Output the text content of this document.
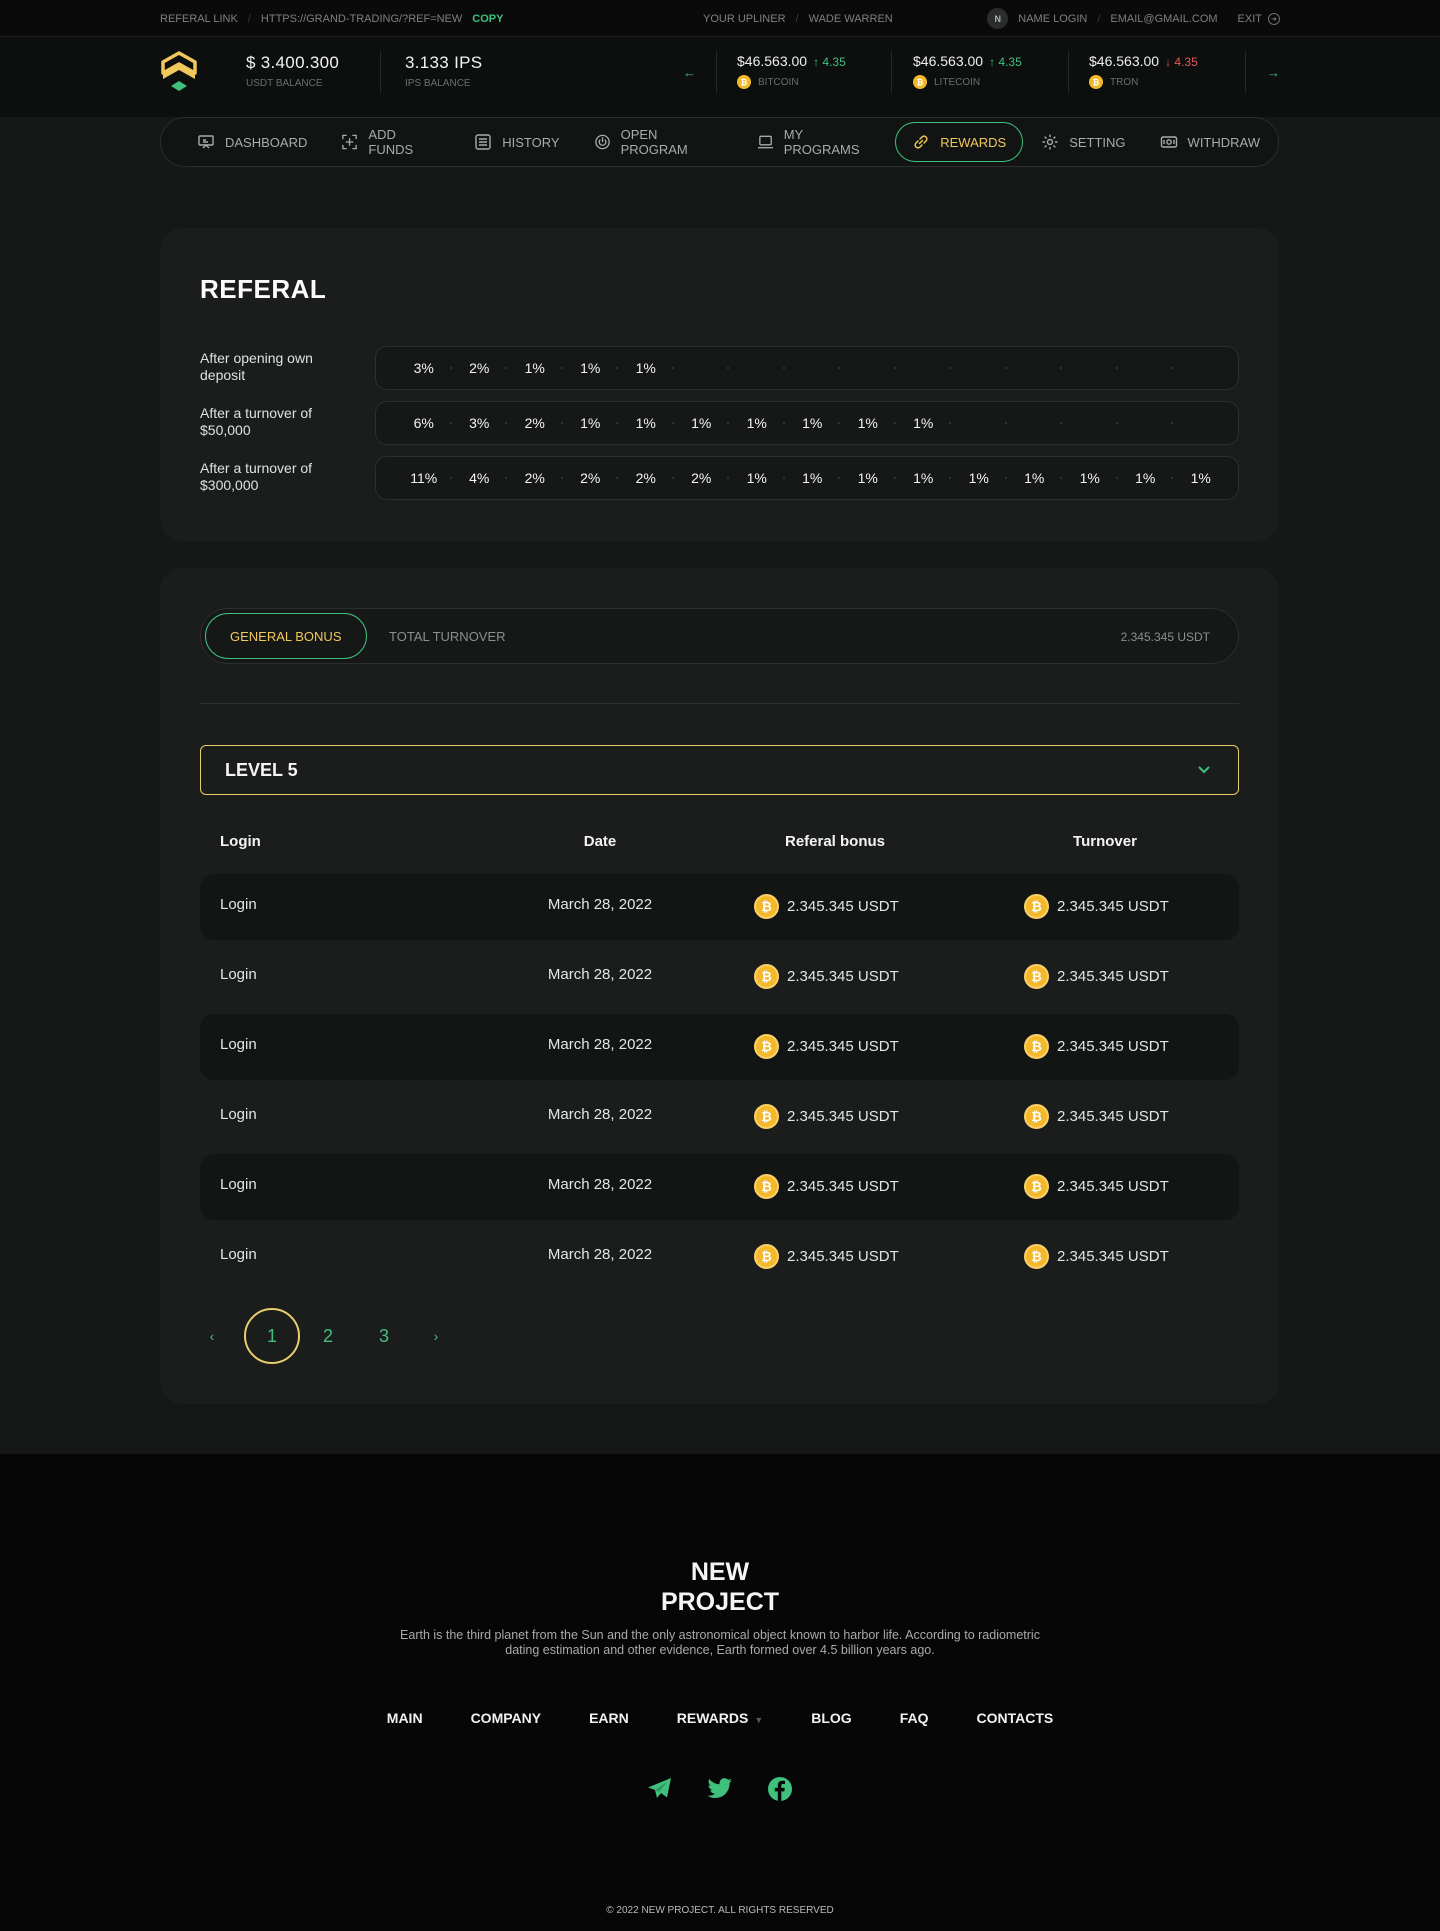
REFERAL LINK / HTTPS://GRAND-TRADING/?REF=NEW COPY	YOUR UPLINER / WADE WARREN	N	NAME LOGIN / EMAIL@GMAIL.COM EXIT	➜
$ 3.400.300
USDT BALANCE
3.133 IPS
IPS BALANCE
←
$46.563.00 ↑ 4.35
₿	BITCOIN
$46.563.00 ↑ 4.35
₿	LITECOIN
$46.563.00 ↓ 4.35
₿	TRON
→
DASHBOARD	ADD FUNDS	HISTORY	OPEN PROGRAM
MY PROGRAMS	REWARDS	SETTING	WITHDRAW
REFERAL
After opening own deposit	3%	2%	1%	1%	1%
After a turnover of $50,000	6%	3%	2%	1%	1%	1%	1%	1%	1%	1%
After a turnover of $300,000	11%	4%	2%	2%	2%	2%	1%	1%	1%	1%	1%	1%	1%	1%	1%
GENERAL BONUS	TOTAL TURNOVER	2.345.345 USDT
LEVEL 5
Login	Date	Referal bonus	Turnover
Login	March 28, 2022	₿	2.345.345 USDT	₿	2.345.345 USDT
Login	March 28, 2022	₿	2.345.345 USDT	₿	2.345.345 USDT
Login	March 28, 2022	₿	2.345.345 USDT	₿	2.345.345 USDT
Login	March 28, 2022	₿	2.345.345 USDT	₿	2.345.345 USDT
Login	March 28, 2022	₿	2.345.345 USDT	₿	2.345.345 USDT
Login	March 28, 2022	₿	2.345.345 USDT	₿	2.345.345 USDT
‹	1	2	3	›
NEW
PROJECT
Earth is the third planet from the Sun and the only astronomical object known to harbor life. According to radiometric dating estimation and other evidence, Earth formed over 4.5 billion years ago.
MAIN	COMPANY	EARN	REWARDS ▼	BLOG	FAQ	CONTACTS
© 2022 NEW PROJECT. ALL RIGHTS RESERVED
